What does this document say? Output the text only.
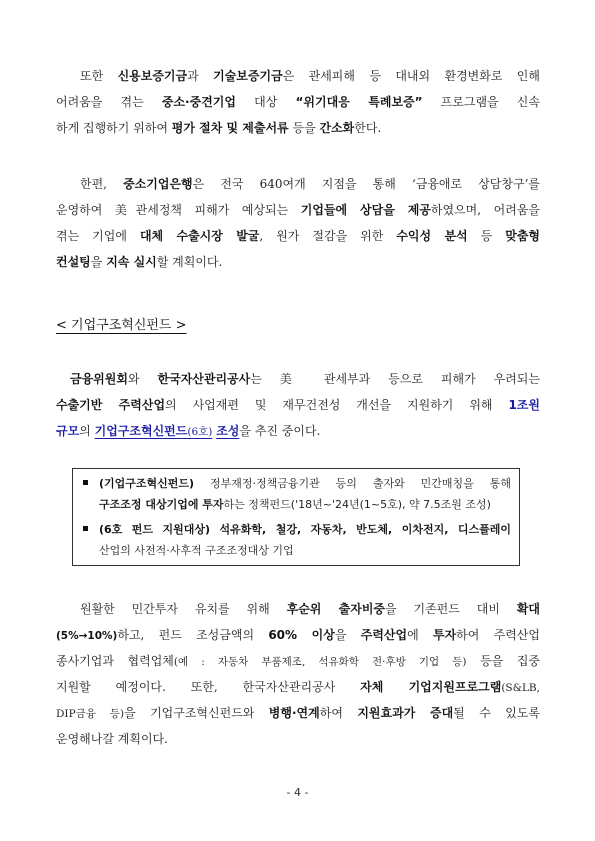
또한 신용보증기금과 기술보증기금은 관세피해 등 대내외 환경변화로 인해
어려움을 겪는 중소·중견기업 대상 “위기대응 특례보증” 프로그램을 신속
하게 집행하기 위하여 평가 절차 및 제출서류 등을 간소화한다.
한편, 중소기업은행은 전국 640여개 지점을 통해 ‘금융애로 상담창구’를
운영하여 美관세정책 피해가 예상되는 기업들에 상담을 제공하였으며, 어려움을
겪는 기업에 대체 수출시장 발굴, 원가 절감을 위한 수익성 분석 등 맞춤형
컨설팅을 지속 실시할 계획이다.
< 기업구조혁신펀드 >
금융위원회와 한국자산관리공사는 美 관세부과 등으로 피해가 우려되는
수출기반 주력산업의 사업재편 및 재무건전성 개선을 지원하기 위해 1조원
규모의 기업구조혁신펀드(6호) 조성을 추진 중이다.
(기업구조혁신펀드) 정부재정·정책금융기관 등의 출자와 민간매칭을 통해
구조조정 대상기업에 투자하는 정책펀드('18년~'24년(1~5호), 약 7.5조원 조성)
(6호 펀드 지원대상) 석유화학, 철강, 자동차, 반도체, 이차전지, 디스플레이
산업의 사전적·사후적 구조조정대상 기업
원활한 민간투자 유치를 위해 후순위 출자비중을 기존펀드 대비 확대
(5%→10%)하고, 펀드 조성금액의 60% 이상을 주력산업에 투자하여 주력산업
종사기업과 협력업체(예 : 자동차 부품제조, 석유화학 전·후방 기업 등) 등을 집중
지원할 예정이다. 또한, 한국자산관리공사 자체 기업지원프로그램(S&LB,
DIP금융 등)을 기업구조혁신펀드와 병행·연계하여 지원효과가 증대될 수 있도록
운영해나갈 계획이다.
- 4 -
